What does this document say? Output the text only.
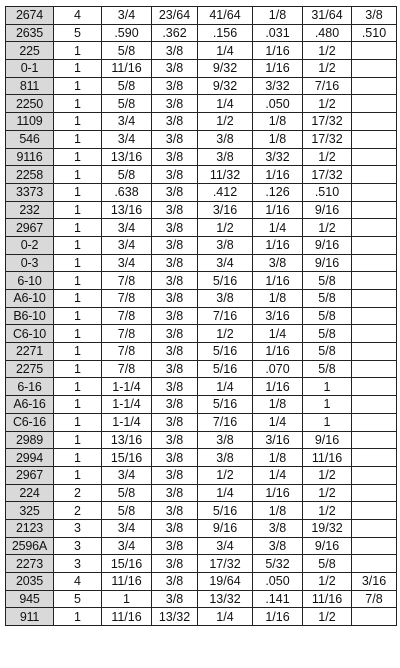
2674	4	3/4	23/64	41/64	1/8	31/64	3/8
2635	5	.590	.362	.156	.031	.480	.510
225	1	5/8	3/8	1/4	1/16	1/2	
0-1	1	11/16	3/8	9/32	1/16	1/2	
811	1	5/8	3/8	9/32	3/32	7/16	
2250	1	5/8	3/8	1/4	.050	1/2	
1109	1	3/4	3/8	1/2	1/8	17/32	
546	1	3/4	3/8	3/8	1/8	17/32	
9116	1	13/16	3/8	3/8	3/32	1/2	
2258	1	5/8	3/8	11/32	1/16	17/32	
3373	1	.638	3/8	.412	.126	.510	
232	1	13/16	3/8	3/16	1/16	9/16	
2967	1	3/4	3/8	1/2	1/4	1/2	
0-2	1	3/4	3/8	3/8	1/16	9/16	
0-3	1	3/4	3/8	3/4	3/8	9/16	
6-10	1	7/8	3/8	5/16	1/16	5/8	
A6-10	1	7/8	3/8	3/8	1/8	5/8	
B6-10	1	7/8	3/8	7/16	3/16	5/8	
C6-10	1	7/8	3/8	1/2	1/4	5/8	
2271	1	7/8	3/8	5/16	1/16	5/8	
2275	1	7/8	3/8	5/16	.070	5/8	
6-16	1	1-1/4	3/8	1/4	1/16	1	
A6-16	1	1-1/4	3/8	5/16	1/8	1	
C6-16	1	1-1/4	3/8	7/16	1/4	1	
2989	1	13/16	3/8	3/8	3/16	9/16	
2994	1	15/16	3/8	3/8	1/8	11/16	
2967	1	3/4	3/8	1/2	1/4	1/2	
224	2	5/8	3/8	1/4	1/16	1/2	
325	2	5/8	3/8	5/16	1/8	1/2	
2123	3	3/4	3/8	9/16	3/8	19/32	
2596A	3	3/4	3/8	3/4	3/8	9/16	
2273	3	15/16	3/8	17/32	5/32	5/8	
2035	4	11/16	3/8	19/64	.050	1/2	3/16
945	5	1	3/8	13/32	.141	11/16	7/8
911	1	11/16	13/32	1/4	1/16	1/2	
